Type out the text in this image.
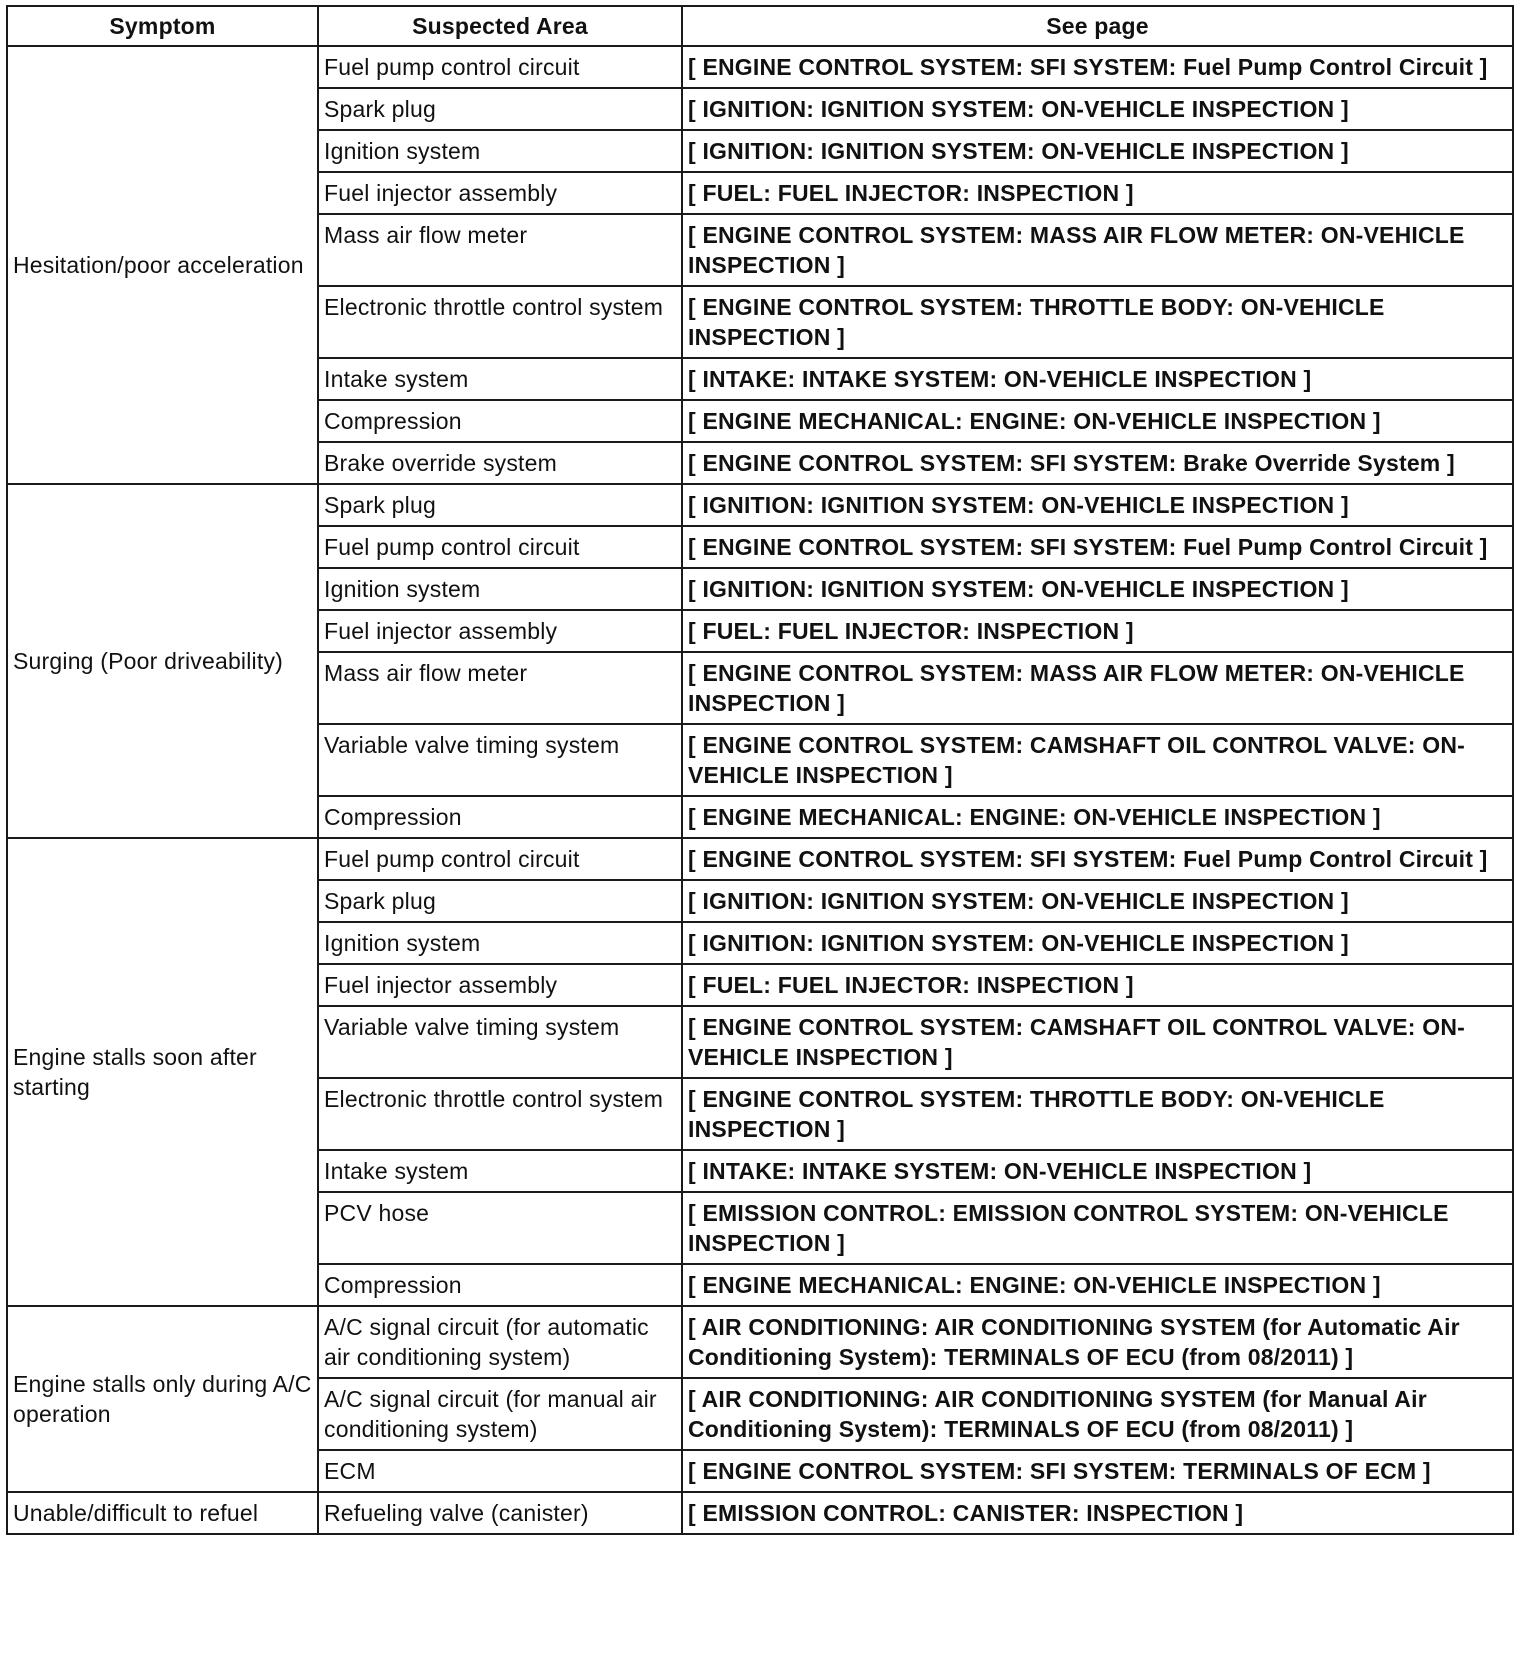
Symptom	Suspected Area	See page
Hesitation/poor acceleration	Fuel pump control circuit	[ ENGINE CONTROL SYSTEM: SFI SYSTEM: Fuel Pump Control Circuit ]
	Spark plug	[ IGNITION: IGNITION SYSTEM: ON-VEHICLE INSPECTION ]
	Ignition system	[ IGNITION: IGNITION SYSTEM: ON-VEHICLE INSPECTION ]
	Fuel injector assembly	[ FUEL: FUEL INJECTOR: INSPECTION ]
	Mass air flow meter	[ ENGINE CONTROL SYSTEM: MASS AIR FLOW METER: ON-VEHICLE INSPECTION ]
	Electronic throttle control system	[ ENGINE CONTROL SYSTEM: THROTTLE BODY: ON-VEHICLE INSPECTION ]
	Intake system	[ INTAKE: INTAKE SYSTEM: ON-VEHICLE INSPECTION ]
	Compression	[ ENGINE MECHANICAL: ENGINE: ON-VEHICLE INSPECTION ]
	Brake override system	[ ENGINE CONTROL SYSTEM: SFI SYSTEM: Brake Override System ]
Surging (Poor driveability)	Spark plug	[ IGNITION: IGNITION SYSTEM: ON-VEHICLE INSPECTION ]
	Fuel pump control circuit	[ ENGINE CONTROL SYSTEM: SFI SYSTEM: Fuel Pump Control Circuit ]
	Ignition system	[ IGNITION: IGNITION SYSTEM: ON-VEHICLE INSPECTION ]
	Fuel injector assembly	[ FUEL: FUEL INJECTOR: INSPECTION ]
	Mass air flow meter	[ ENGINE CONTROL SYSTEM: MASS AIR FLOW METER: ON-VEHICLE INSPECTION ]
	Variable valve timing system	[ ENGINE CONTROL SYSTEM: CAMSHAFT OIL CONTROL VALVE: ON-VEHICLE INSPECTION ]
	Compression	[ ENGINE MECHANICAL: ENGINE: ON-VEHICLE INSPECTION ]
Engine stalls soon after starting	Fuel pump control circuit	[ ENGINE CONTROL SYSTEM: SFI SYSTEM: Fuel Pump Control Circuit ]
	Spark plug	[ IGNITION: IGNITION SYSTEM: ON-VEHICLE INSPECTION ]
	Ignition system	[ IGNITION: IGNITION SYSTEM: ON-VEHICLE INSPECTION ]
	Fuel injector assembly	[ FUEL: FUEL INJECTOR: INSPECTION ]
	Variable valve timing system	[ ENGINE CONTROL SYSTEM: CAMSHAFT OIL CONTROL VALVE: ON-VEHICLE INSPECTION ]
	Electronic throttle control system	[ ENGINE CONTROL SYSTEM: THROTTLE BODY: ON-VEHICLE INSPECTION ]
	Intake system	[ INTAKE: INTAKE SYSTEM: ON-VEHICLE INSPECTION ]
	PCV hose	[ EMISSION CONTROL: EMISSION CONTROL SYSTEM: ON-VEHICLE INSPECTION ]
	Compression	[ ENGINE MECHANICAL: ENGINE: ON-VEHICLE INSPECTION ]
Engine stalls only during A/C operation	A/C signal circuit (for automatic air conditioning system)	[ AIR CONDITIONING: AIR CONDITIONING SYSTEM (for Automatic Air Conditioning System): TERMINALS OF ECU (from 08/2011) ]
	A/C signal circuit (for manual air conditioning system)	[ AIR CONDITIONING: AIR CONDITIONING SYSTEM (for Manual Air Conditioning System): TERMINALS OF ECU (from 08/2011) ]
	ECM	[ ENGINE CONTROL SYSTEM: SFI SYSTEM: TERMINALS OF ECM ]
Unable/difficult to refuel	Refueling valve (canister)	[ EMISSION CONTROL: CANISTER: INSPECTION ]
